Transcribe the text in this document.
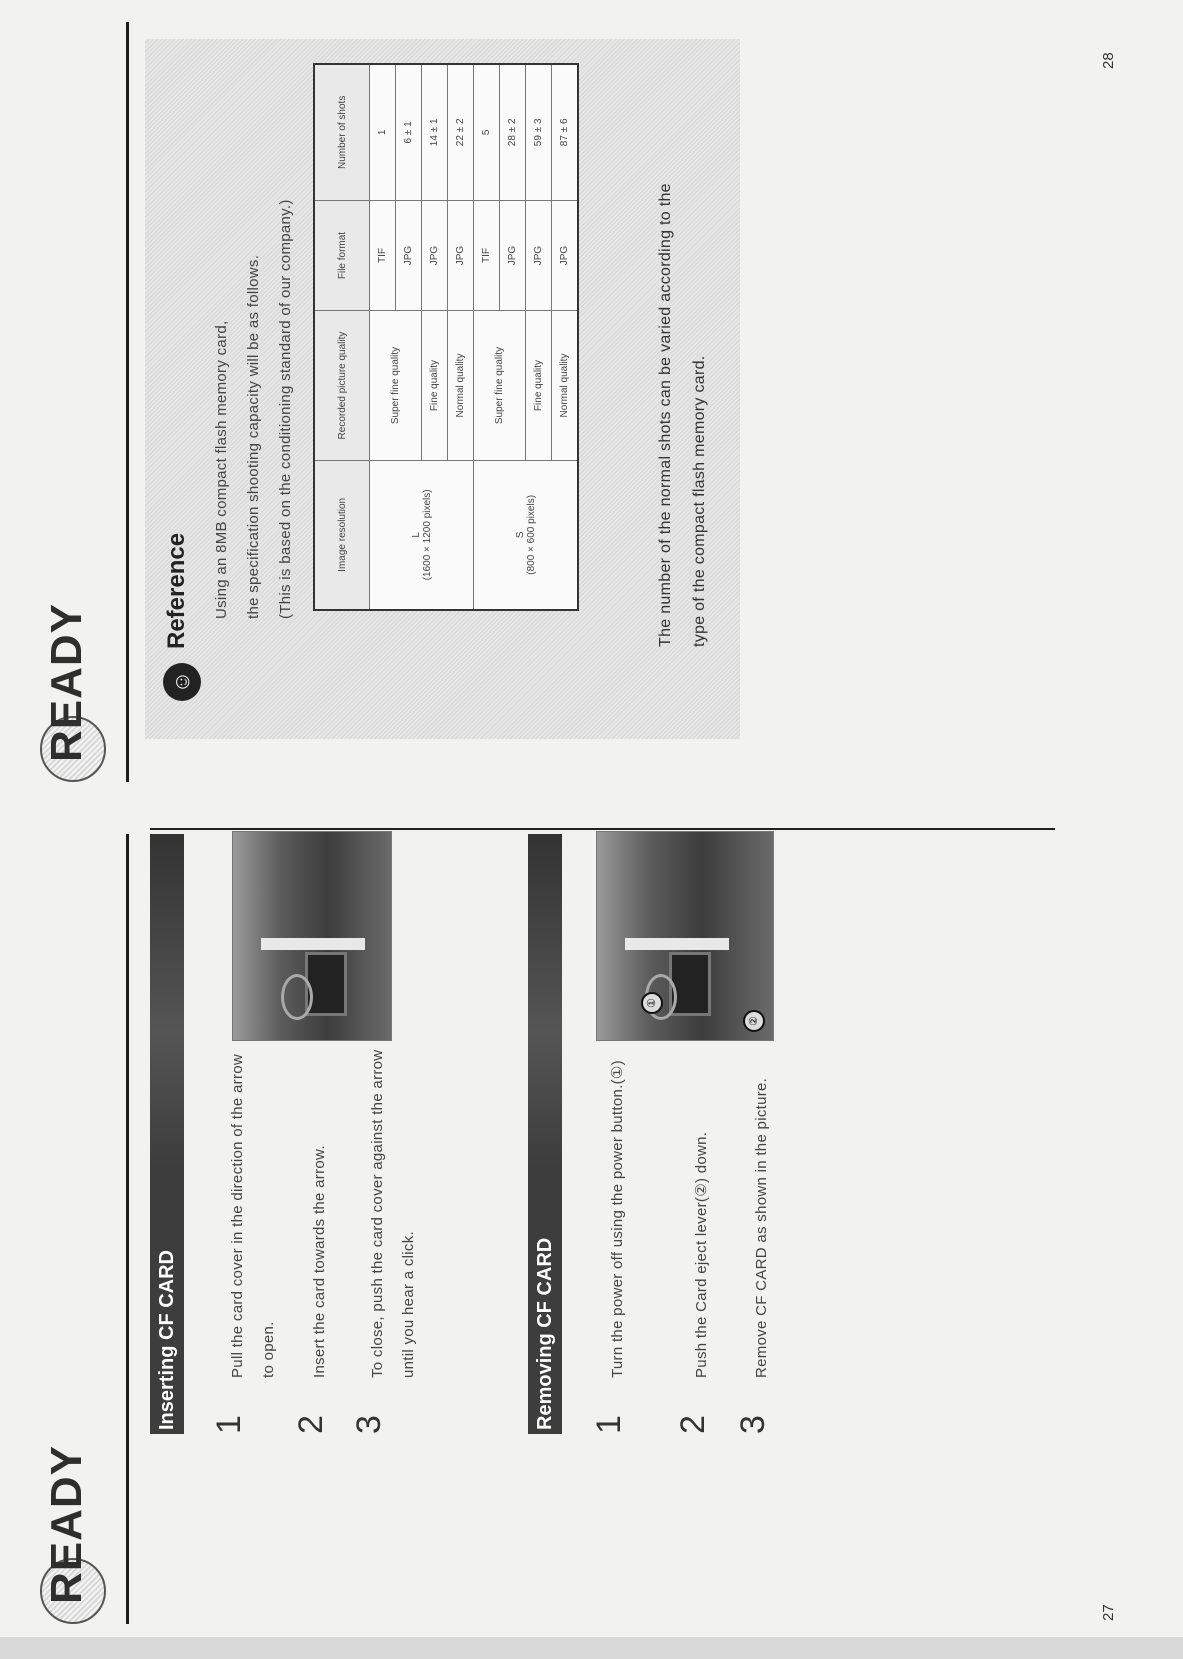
READY
Inserting CF CARD 1
Pull the card cover in the direction of the arrow to open.
2
Insert the card towards the arrow.
3
To close, push the card cover against the arrow until you hear a click.	Removing CF CARD 1
Turn the power off using the power button.(①)
2
Push the Card eject lever(②) down.
3
Remove CF CARD as shown in the picture.
①
②
27
READY	☺
Reference Using an 8MB compact flash memory card, the specification shooting capacity will be as follows. (This is based on the conditioning standard of our company.)	Image resolution	Recorded picture quality	File format	Number of shots

L (1600 × 1200 pixels)	Super fine quality	TIF	1
		JPG	6 ± 1
	Fine quality	JPG	14 ± 1
	Normal quality	JPG	22 ± 2

S (800 × 600 pixels)	Super fine quality	TIF	5
		JPG	28 ± 2
	Fine quality	JPG	59 ± 3
	Normal quality	JPG	87 ± 6
The number of the normal shots can be varied according to the type of the compact flash memory card.
28
